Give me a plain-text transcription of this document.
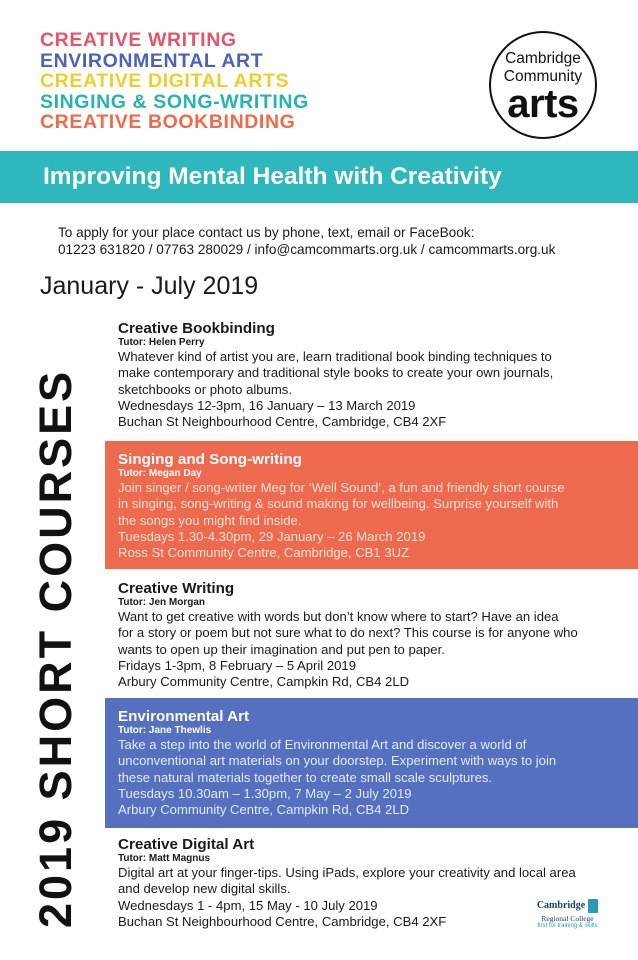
CREATIVE WRITING
ENVIRONMENTAL ART
CREATIVE DIGITAL ARTS
SINGING & SONG-WRITING
CREATIVE BOOKBINDING
Cambridge
Community
arts
Improving Mental Health with Creativity
To apply for your place contact us by phone, text, email or FaceBook:
01223 631820 / 07763 280029 / info@camcommarts.org.uk / camcommarts.org.uk
January - July 2019
2019 SHORT COURSES
Creative Bookbinding
Tutor: Helen Perry
Whatever kind of artist you are, learn traditional book binding techniques to
make contemporary and traditional style books to create your own journals,
sketchbooks or photo albums.
Wednesdays 12-3pm, 16 January – 13 March 2019
Buchan St Neighbourhood Centre, Cambridge, CB4 2XF
Singing and Song-writing
Tutor: Megan Day
Join singer / song-writer Meg for ‘Well Sound’, a fun and friendly short course
in singing, song-writing & sound making for wellbeing. Surprise yourself with
the songs you might find inside.
Tuesdays 1.30-4.30pm, 29 January – 26 March 2019
Ross St Community Centre, Cambridge, CB1 3UZ
Creative Writing
Tutor: Jen Morgan
Want to get creative with words but don’t know where to start? Have an idea
for a story or poem but not sure what to do next? This course is for anyone who
wants to open up their imagination and put pen to paper.
Fridays 1-3pm, 8 February – 5 April 2019
Arbury Community Centre, Campkin Rd, CB4 2LD
Environmental Art
Tutor: Jane Thewlis
Take a step into the world of Environmental Art and discover a world of
unconventional art materials on your doorstep. Experiment with ways to join
these natural materials together to create small scale sculptures.
Tuesdays 10.30am – 1.30pm, 7 May – 2 July 2019
Arbury Community Centre, Campkin Rd, CB4 2LD
Creative Digital Art
Tutor: Matt Magnus
Digital art at your finger-tips. Using iPads, explore your creativity and local area
and develop new digital skills.
Wednesdays 1 - 4pm, 15 May - 10 July 2019
Buchan St Neighbourhood Centre, Cambridge, CB4 2XF
Cambridge
Regional College
first for training & skills
